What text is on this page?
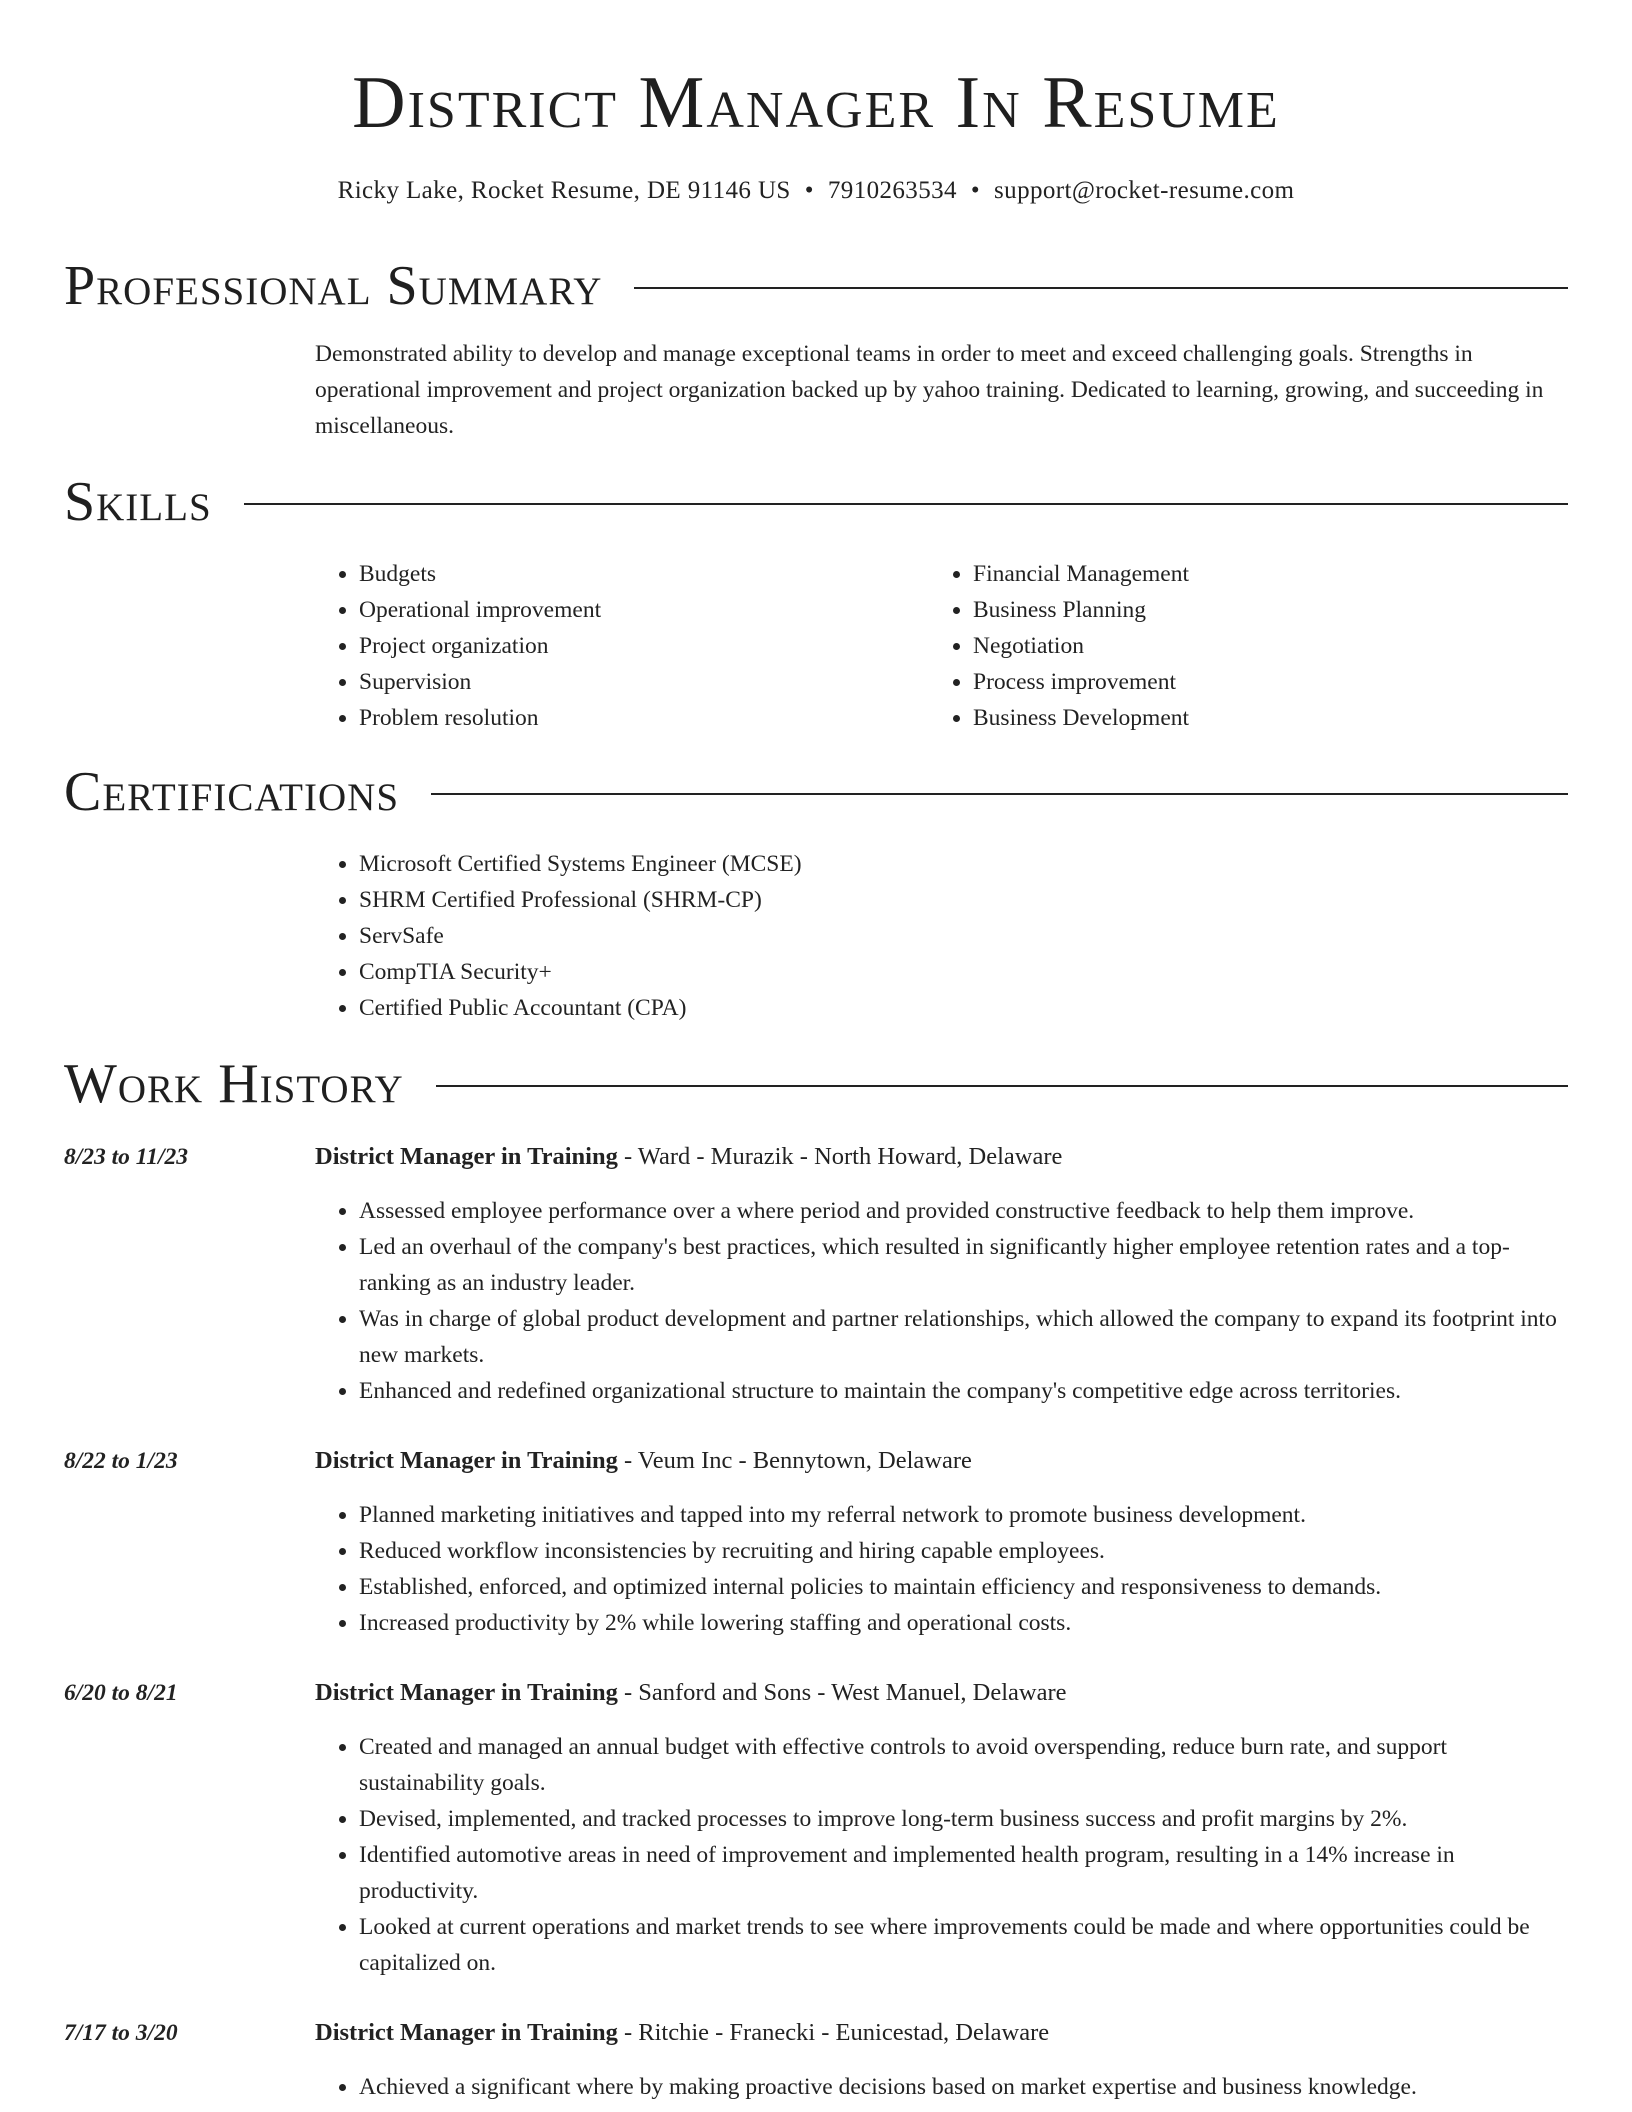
District Manager In Resume
Ricky Lake, Rocket Resume, DE 91146 US • 7910263534 • support@rocket-resume.com
Professional Summary
Demonstrated ability to develop and manage exceptional teams in order to meet and exceed challenging goals. Strengths in operational improvement and project organization backed up by yahoo training. Dedicated to learning, growing, and succeeding in miscellaneous.
Skills
• Budgets
• Operational improvement
• Project organization
• Supervision
• Problem resolution
• Financial Management
• Business Planning
• Negotiation
• Process improvement
• Business Development
Certifications
• Microsoft Certified Systems Engineer (MCSE)
• SHRM Certified Professional (SHRM-CP)
• ServSafe
• CompTIA Security+
• Certified Public Accountant (CPA)
Work History
8/23 to 11/23	District Manager in Training - Ward - Murazik - North Howard, Delaware
• Assessed employee performance over a where period and provided constructive feedback to help them improve.
• Led an overhaul of the company's best practices, which resulted in significantly higher employee retention rates and a top-ranking as an industry leader.
• Was in charge of global product development and partner relationships, which allowed the company to expand its footprint into new markets.
• Enhanced and redefined organizational structure to maintain the company's competitive edge across territories.
8/22 to 1/23	District Manager in Training - Veum Inc - Bennytown, Delaware
• Planned marketing initiatives and tapped into my referral network to promote business development.
• Reduced workflow inconsistencies by recruiting and hiring capable employees.
• Established, enforced, and optimized internal policies to maintain efficiency and responsiveness to demands.
• Increased productivity by 2% while lowering staffing and operational costs.
6/20 to 8/21	District Manager in Training - Sanford and Sons - West Manuel, Delaware
• Created and managed an annual budget with effective controls to avoid overspending, reduce burn rate, and support sustainability goals.
• Devised, implemented, and tracked processes to improve long-term business success and profit margins by 2%.
• Identified automotive areas in need of improvement and implemented health program, resulting in a 14% increase in productivity.
• Looked at current operations and market trends to see where improvements could be made and where opportunities could be capitalized on.
7/17 to 3/20	District Manager in Training - Ritchie - Franecki - Eunicestad, Delaware
• Achieved a significant where by making proactive decisions based on market expertise and business knowledge.
